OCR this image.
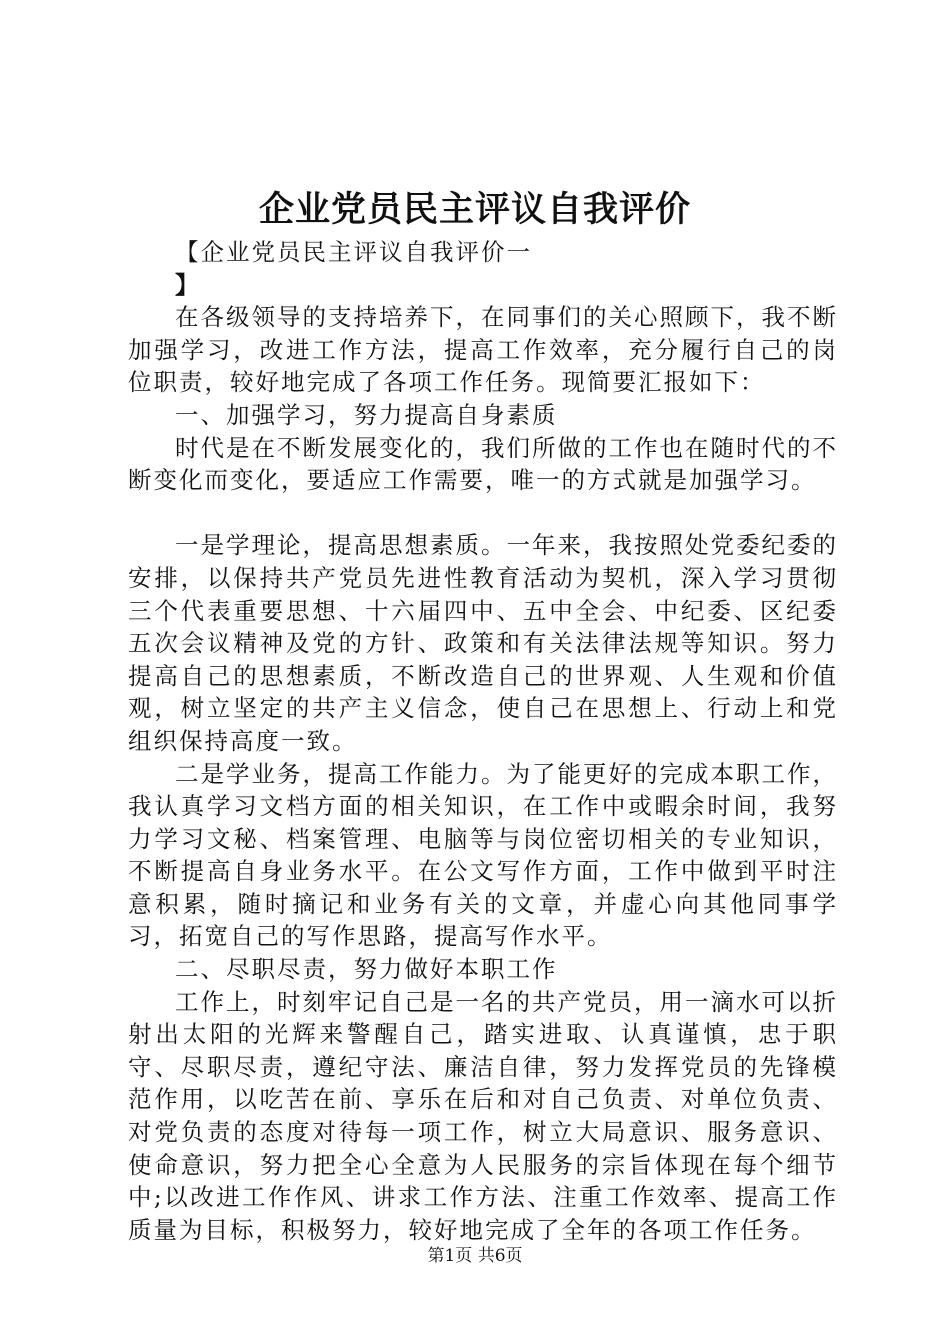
企业党员民主评议自我评价

【企业党员民主评议自我评价一

】

在各级领导的支持培养下，在同事们的关心照顾下，我不断加强学习，改进工作方法，提高工作效率，充分履行自己的岗位职责，较好地完成了各项工作任务。现简要汇报如下：

一、加强学习，努力提高自身素质

时代是在不断发展变化的，我们所做的工作也在随时代的不断变化而变化，要适应工作需要，唯一的方式就是加强学习。

一是学理论，提高思想素质。一年来，我按照处党委纪委的安排，以保持共产党员先进性教育活动为契机，深入学习贯彻三个代表重要思想、十六届四中、五中全会、中纪委、区纪委五次会议精神及党的方针、政策和有关法律法规等知识。努力提高自己的思想素质，不断改造自己的世界观、人生观和价值观，树立坚定的共产主义信念，使自己在思想上、行动上和党组织保持高度一致。

二是学业务，提高工作能力。为了能更好的完成本职工作，我认真学习文档方面的相关知识，在工作中或暇余时间，我努力学习文秘、档案管理、电脑等与岗位密切相关的专业知识，不断提高自身业务水平。在公文写作方面，工作中做到平时注意积累，随时摘记和业务有关的文章，并虚心向其他同事学习，拓宽自己的写作思路，提高写作水平。

二、尽职尽责，努力做好本职工作

工作上，时刻牢记自己是一名的共产党员，用一滴水可以折射出太阳的光辉来警醒自己，踏实进取、认真谨慎，忠于职守、尽职尽责，遵纪守法、廉洁自律，努力发挥党员的先锋模范作用，以吃苦在前、享乐在后和对自己负责、对单位负责、对党负责的态度对待每一项工作，树立大局意识、服务意识、使命意识，努力把全心全意为人民服务的宗旨体现在每个细节中;以改进工作作风、讲求工作方法、注重工作效率、提高工作质量为目标，积极努力，较好地完成了全年的各项工作任务。

第1页 共6页
